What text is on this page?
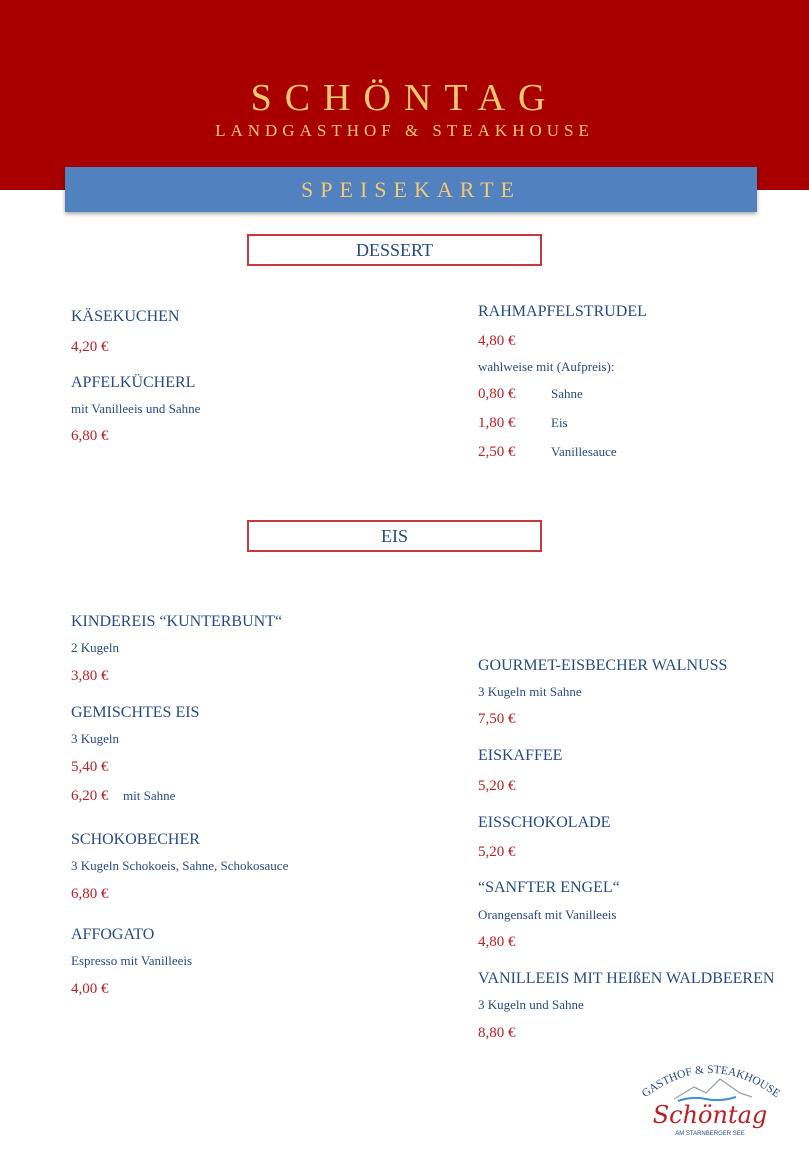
SCHÖNTAG
LANDGASTHOF & STEAKHOUSE
SPEISEKARTE
DESSERT
KÄSEKUCHEN
4,20 €
APFELKÜCHERL
mit Vanilleeis und Sahne
6,80 €
RAHMAPFELSTRUDEL
4,80 €
wahlweise mit (Aufpreis):
0,80 €	Sahne
1,80 €	Eis
2,50 €	Vanillesauce
EIS
KINDEREIS “KUNTERBUNT“
2 Kugeln
3,80 €
GEMISCHTES EIS
3 Kugeln
5,40 €
6,20 € mit Sahne
SCHOKOBECHER
3 Kugeln Schokoeis, Sahne, Schokosauce
6,80 €
AFFOGATO
Espresso mit Vanilleeis
4,00 €
GOURMET-EISBECHER WALNUSS
3 Kugeln mit Sahne
7,50 €
EISKAFFEE
5,20 €
EISSCHOKOLADE
5,20 €
“SANFTER ENGEL“
Orangensaft mit Vanilleeis
4,80 €
VANILLEEIS MIT HEIßEN WALDBEEREN
3 Kugeln und Sahne
8,80 €
GASTHOF & STEAKHOUSE
Schöntag
AM STARNBERGER SEE
